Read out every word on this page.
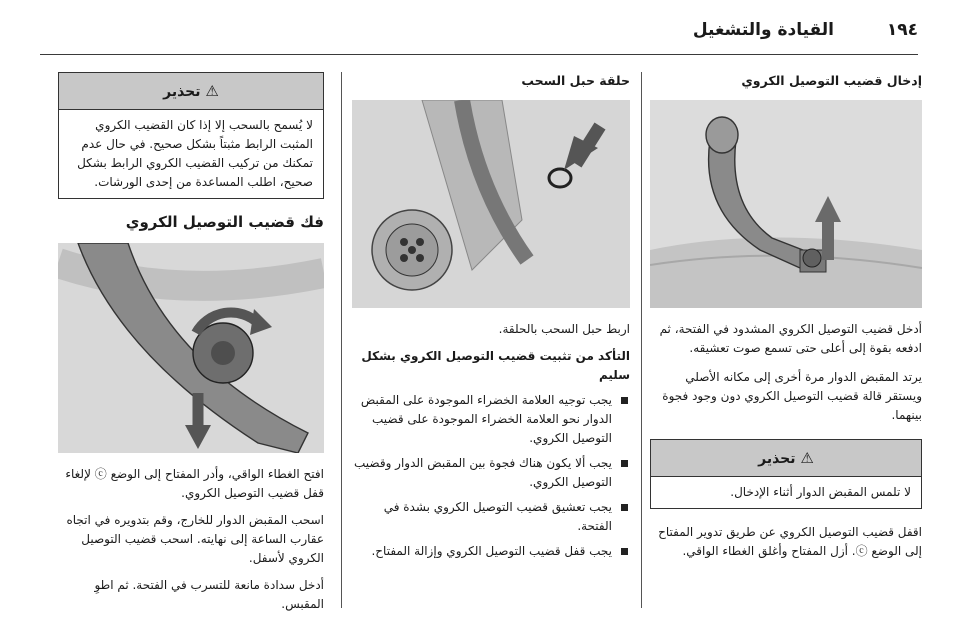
١٩٤
القيادة والتشغيل
إدخال قضيب التوصيل الكروي

أدخل قضيب التوصيل الكروي المشدود في الفتحة، ثم ادفعه بقوة إلى أعلى حتى تسمع صوت تعشيقه.

يرتد المقبض الدوار مرة أخرى إلى مكانه الأصلي ويستقر قالة قضيب التوصيل الكروي دون وجود فجوة بينهما.

⚠ تحذير
لا تلمس المقبض الدوار أثناء الإدخال.

اقفل قضيب التوصيل الكروي عن طريق تدوير المفتاح إلى الوضع ⓒ. أزل المفتاح وأغلق الغطاء الواقي.

حلقة حبل السحب

اربط حبل السحب بالحلقة.

التأكد من تثبيت قضيب التوصيل الكروي بشكل سليم
يجب توجيه العلامة الخضراء الموجودة على المقبض الدوار نحو العلامة الخضراء الموجودة على قضيب التوصيل الكروي.
يجب ألا يكون هناك فجوة بين المقبض الدوار وقضيب التوصيل الكروي.
يجب تعشيق قضيب التوصيل الكروي بشدة في الفتحة.
يجب قفل قضيب التوصيل الكروي وإزالة المفتاح.
⚠ تحذير
لا يُسمح بالسحب إلا إذا كان القضيب الكروي المثبت الرابط مثبتاً بشكل صحيح. في حال عدم تمكنك من تركيب القضيب الكروي الرابط بشكل صحيح، اطلب المساعدة من إحدى الورشات.
فك قضيب التوصيل الكروي

افتح الغطاء الواقي، وأدر المفتاح إلى الوضع ⓒ لإلغاء قفل قضيب التوصيل الكروي.

اسحب المقبض الدوار للخارج، وقم بتدويره في اتجاه عقارب الساعة إلى نهايته. اسحب قضيب التوصيل الكروي لأسفل.

أدخل سدادة مانعة للتسرب في الفتحة. ثم اطوِ المقبس.
